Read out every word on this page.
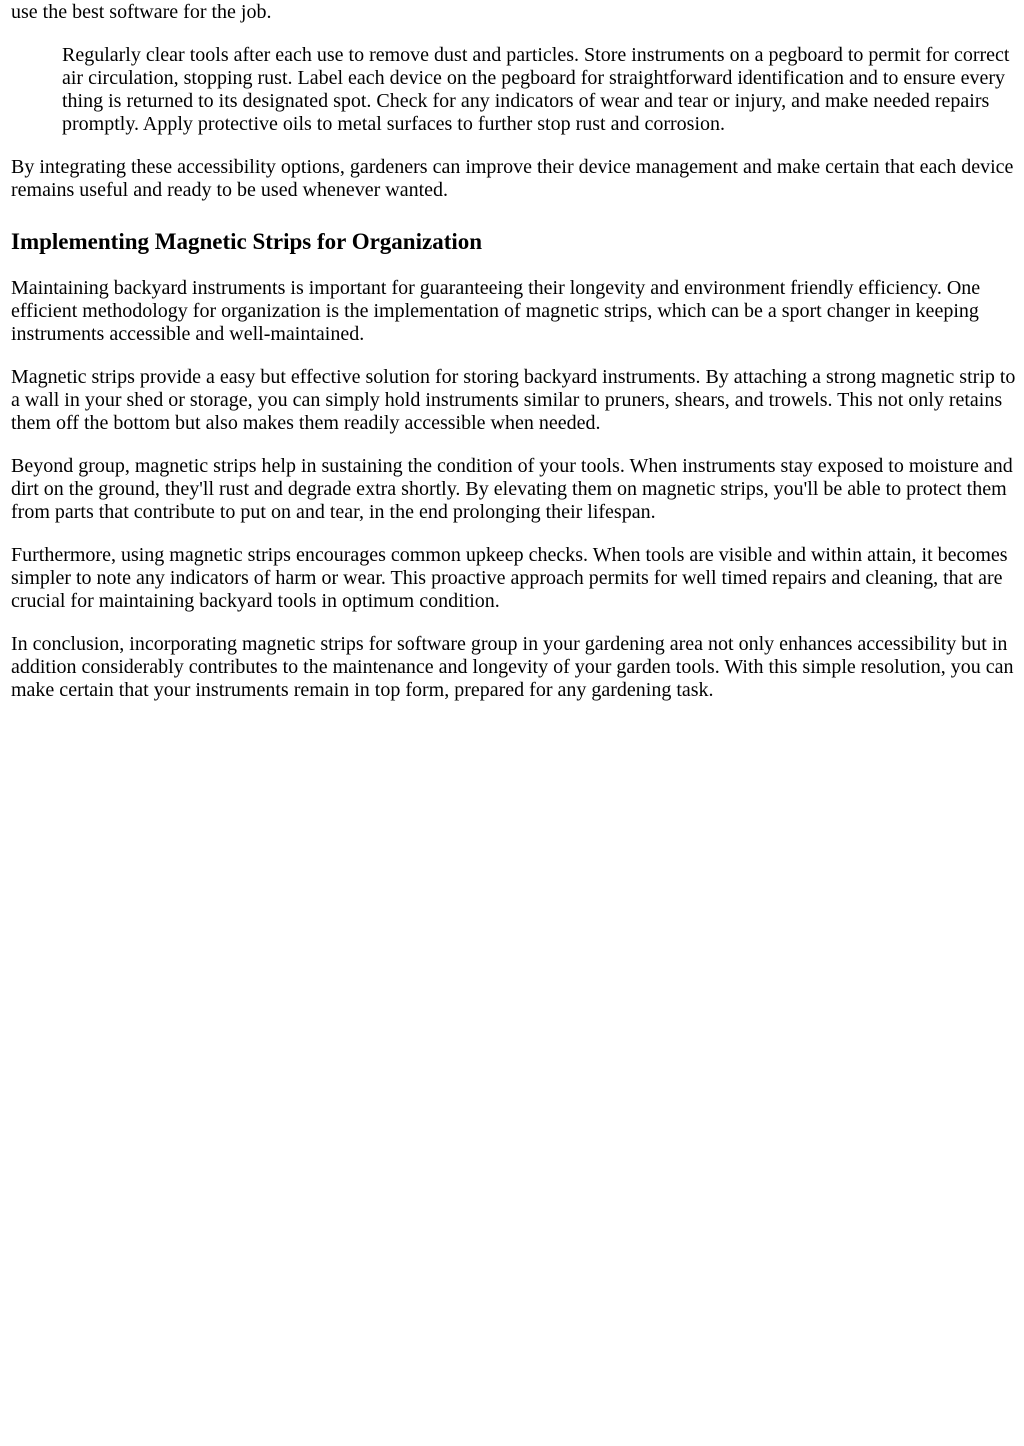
use the best software for the job.

Regularly clear tools after each use to remove dust and particles. Store instruments on a pegboard to permit for correct air circulation, stopping rust. Label each device on the pegboard for straightforward identification and to ensure every thing is returned to its designated spot. Check for any indicators of wear and tear or injury, and make needed repairs promptly. Apply protective oils to metal surfaces to further stop rust and corrosion.

By integrating these accessibility options, gardeners can improve their device management and make certain that each device remains useful and ready to be used whenever wanted.

Implementing Magnetic Strips for Organization

Maintaining backyard instruments is important for guaranteeing their longevity and environment friendly efficiency. One efficient methodology for organization is the implementation of magnetic strips, which can be a sport changer in keeping instruments accessible and well-maintained.

Magnetic strips provide a easy but effective solution for storing backyard instruments. By attaching a strong magnetic strip to a wall in your shed or storage, you can simply hold instruments similar to pruners, shears, and trowels. This not only retains them off the bottom but also makes them readily accessible when needed.

Beyond group, magnetic strips help in sustaining the condition of your tools. When instruments stay exposed to moisture and dirt on the ground, they'll rust and degrade extra shortly. By elevating them on magnetic strips, you'll be able to protect them from parts that contribute to put on and tear, in the end prolonging their lifespan.

Furthermore, using magnetic strips encourages common upkeep checks. When tools are visible and within attain, it becomes simpler to note any indicators of harm or wear. This proactive approach permits for well timed repairs and cleaning, that are crucial for maintaining backyard tools in optimum condition.

In conclusion, incorporating magnetic strips for software group in your gardening area not only enhances accessibility but in addition considerably contributes to the maintenance and longevity of your garden tools. With this simple resolution, you can make certain that your instruments remain in top form, prepared for any gardening task.
